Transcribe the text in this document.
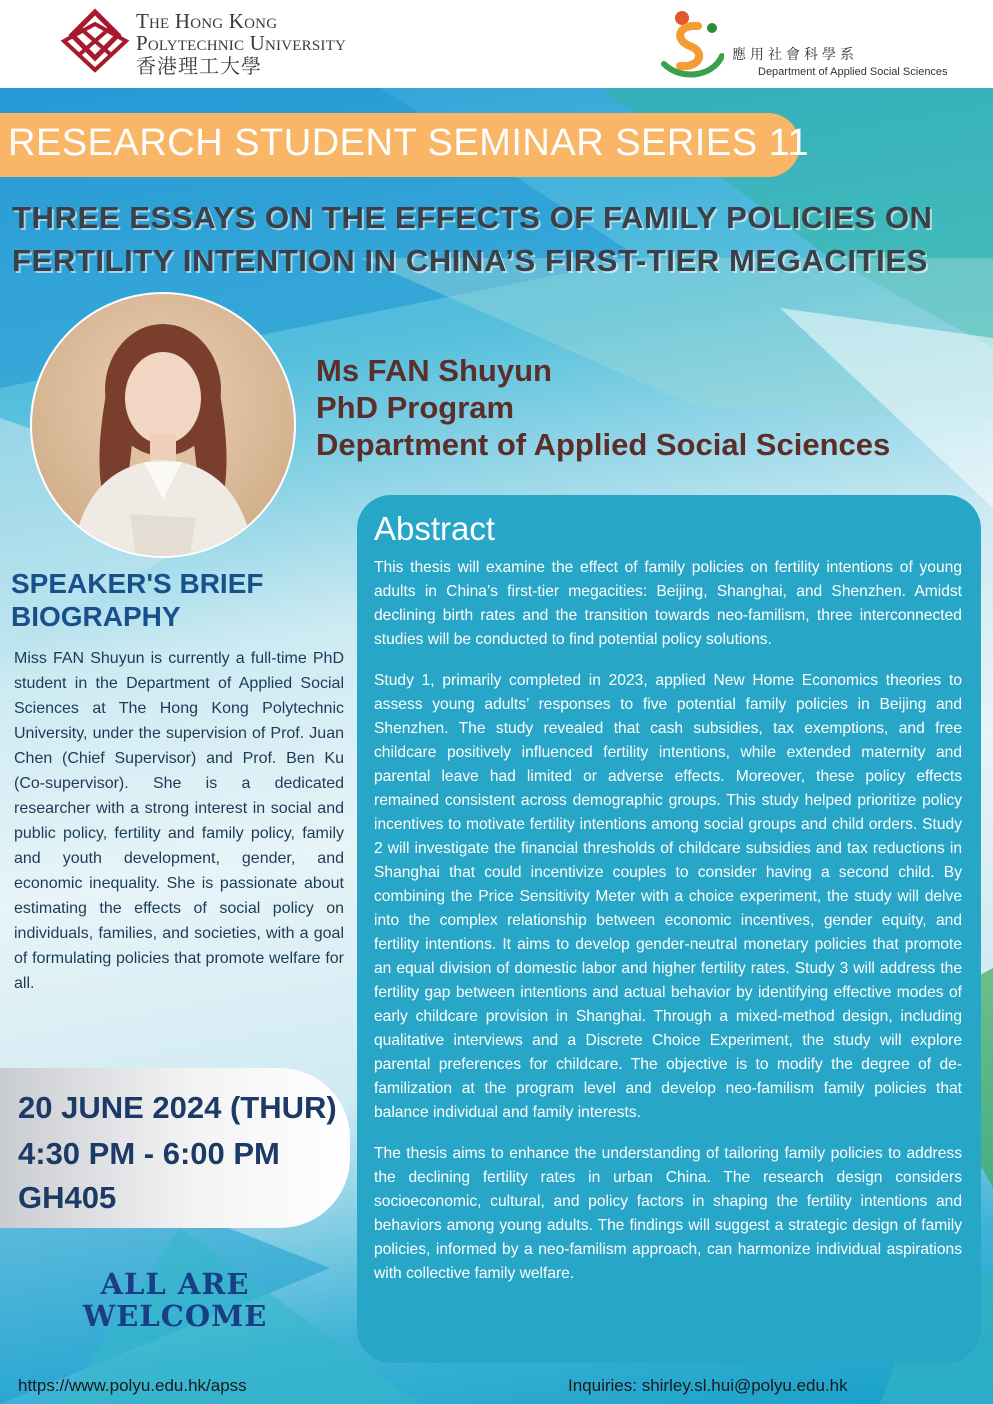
The Hong Kong
Polytechnic University
香港理工大學	應用社會科學系
Department of Applied Social Sciences
RESEARCH STUDENT SEMINAR SERIES 11
THREE ESSAYS ON THE EFFECTS OF FAMILY POLICIES ON
FERTILITY INTENTION IN CHINA’S FIRST-TIER MEGACITIES
Ms FAN Shuyun
PhD Program
Department of Applied Social Sciences
SPEAKER'S BRIEF BIOGRAPHY
Miss FAN Shuyun is currently a full-time PhD student in the Department of Applied Social Sciences at The Hong Kong Polytechnic University, under the supervision of Prof. Juan Chen (Chief Supervisor) and Prof. Ben Ku (Co-supervisor). She is a dedicated researcher with a strong interest in social and public policy, fertility and family policy, family and youth development, gender, and economic inequality. She is passionate about estimating the effects of social policy on individuals, families, and societies, with a goal of formulating policies that promote welfare for all.
20 JUNE 2024 (THUR)
4:30 PM - 6:00 PM
GH405
ALL ARE
WELCOME
Abstract

This thesis will examine the effect of family policies on fertility intentions of young adults in China’s first-tier megacities: Beijing, Shanghai, and Shenzhen. Amidst declining birth rates and the transition towards neo-familism, three interconnected studies will be conducted to find potential policy solutions.

Study 1, primarily completed in 2023, applied New Home Economics theories to assess young adults’ responses to five potential family policies in Beijing and Shenzhen. The study revealed that cash subsidies, tax exemptions, and free childcare positively influenced fertility intentions, while extended maternity and parental leave had limited or adverse effects. Moreover, these policy effects remained consistent across demographic groups. This study helped prioritize policy incentives to motivate fertility intentions among social groups and child orders. Study 2 will investigate the financial thresholds of childcare subsidies and tax reductions in Shanghai that could incentivize couples to consider having a second child. By combining the Price Sensitivity Meter with a choice experiment, the study will delve into the complex relationship between economic incentives, gender equity, and fertility intentions. It aims to develop gender-neutral monetary policies that promote an equal division of domestic labor and higher fertility rates. Study 3 will address the fertility gap between intentions and actual behavior by identifying effective modes of early childcare provision in Shanghai. Through a mixed-method design, including qualitative interviews and a Discrete Choice Experiment, the study will explore parental preferences for childcare. The objective is to modify the degree of de-familization at the program level and develop neo-familism family policies that balance individual and family interests.

The thesis aims to enhance the understanding of tailoring family policies to address the declining fertility rates in urban China. The research design considers socioeconomic, cultural, and policy factors in shaping the fertility intentions and behaviors among young adults. The findings will suggest a strategic design of family policies, informed by a neo-familism approach, can harmonize individual aspirations with collective family welfare.

https://www.polyu.edu.hk/apss	Inquiries: shirley.sl.hui@polyu.edu.hk
